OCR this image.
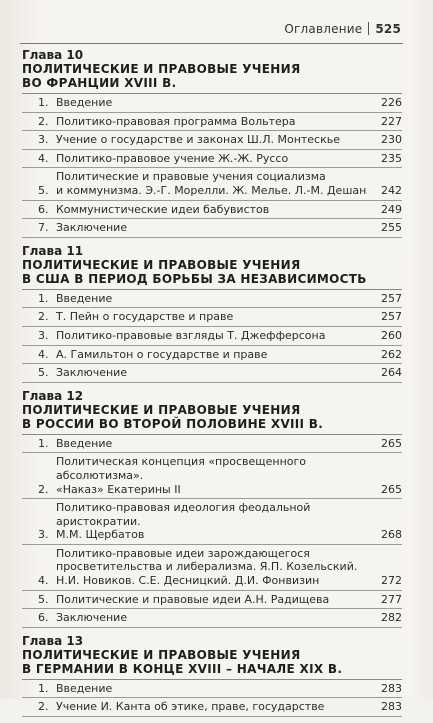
Оглавление 525
Глава 10
ПОЛИТИЧЕСКИЕ И ПРАВОВЫЕ УЧЕНИЯ
ВО ФРАНЦИИ XVIII В.
1. Введение	226
2. Политико-правовая программа Вольтера	227
3. Учение о государстве и законах Ш.Л. Монтескье	230
4. Политико-правовое учение Ж.-Ж. Руссо	235
5.
Политические и правовые учения социализма
и коммунизма. Э.-Г. Морелли. Ж. Мелье. Л.-М. Дешан	242
6. Коммунистические идеи бабувистов	249
7. Заключение	255
Глава 11
ПОЛИТИЧЕСКИЕ И ПРАВОВЫЕ УЧЕНИЯ
В США В ПЕРИОД БОРЬБЫ ЗА НЕЗАВИСИМОСТЬ
1. Введение	257
2. Т. Пейн о государстве и праве	257
3. Политико-правовые взгляды Т. Джефферсона	260
4. А. Гамильтон о государстве и праве	262
5. Заключение	264
Глава 12
ПОЛИТИЧЕСКИЕ И ПРАВОВЫЕ УЧЕНИЯ
В РОССИИ ВО ВТОРОЙ ПОЛОВИНЕ XVIII В.
1. Введение	265
2.
Политическая концепция «просвещенного абсолютизма».
«Наказ» Екатерины II	265
3.
Политико-правовая идеология феодальной аристократии.
М.М. Щербатов	268
4.
Политико-правовые идеи зарождающегося
просветительства и либерализма. Я.П. Козельский.
Н.И. Новиков. С.Е. Десницкий. Д.И. Фонвизин	272
5. Политические и правовые идеи А.Н. Радищева	277
6. Заключение	282
Глава 13
ПОЛИТИЧЕСКИЕ И ПРАВОВЫЕ УЧЕНИЯ
В ГЕРМАНИИ В КОНЦЕ XVIII – НАЧАЛЕ XIX В.
1. Введение	283
2. Учение И. Канта об этике, праве, государстве	283
